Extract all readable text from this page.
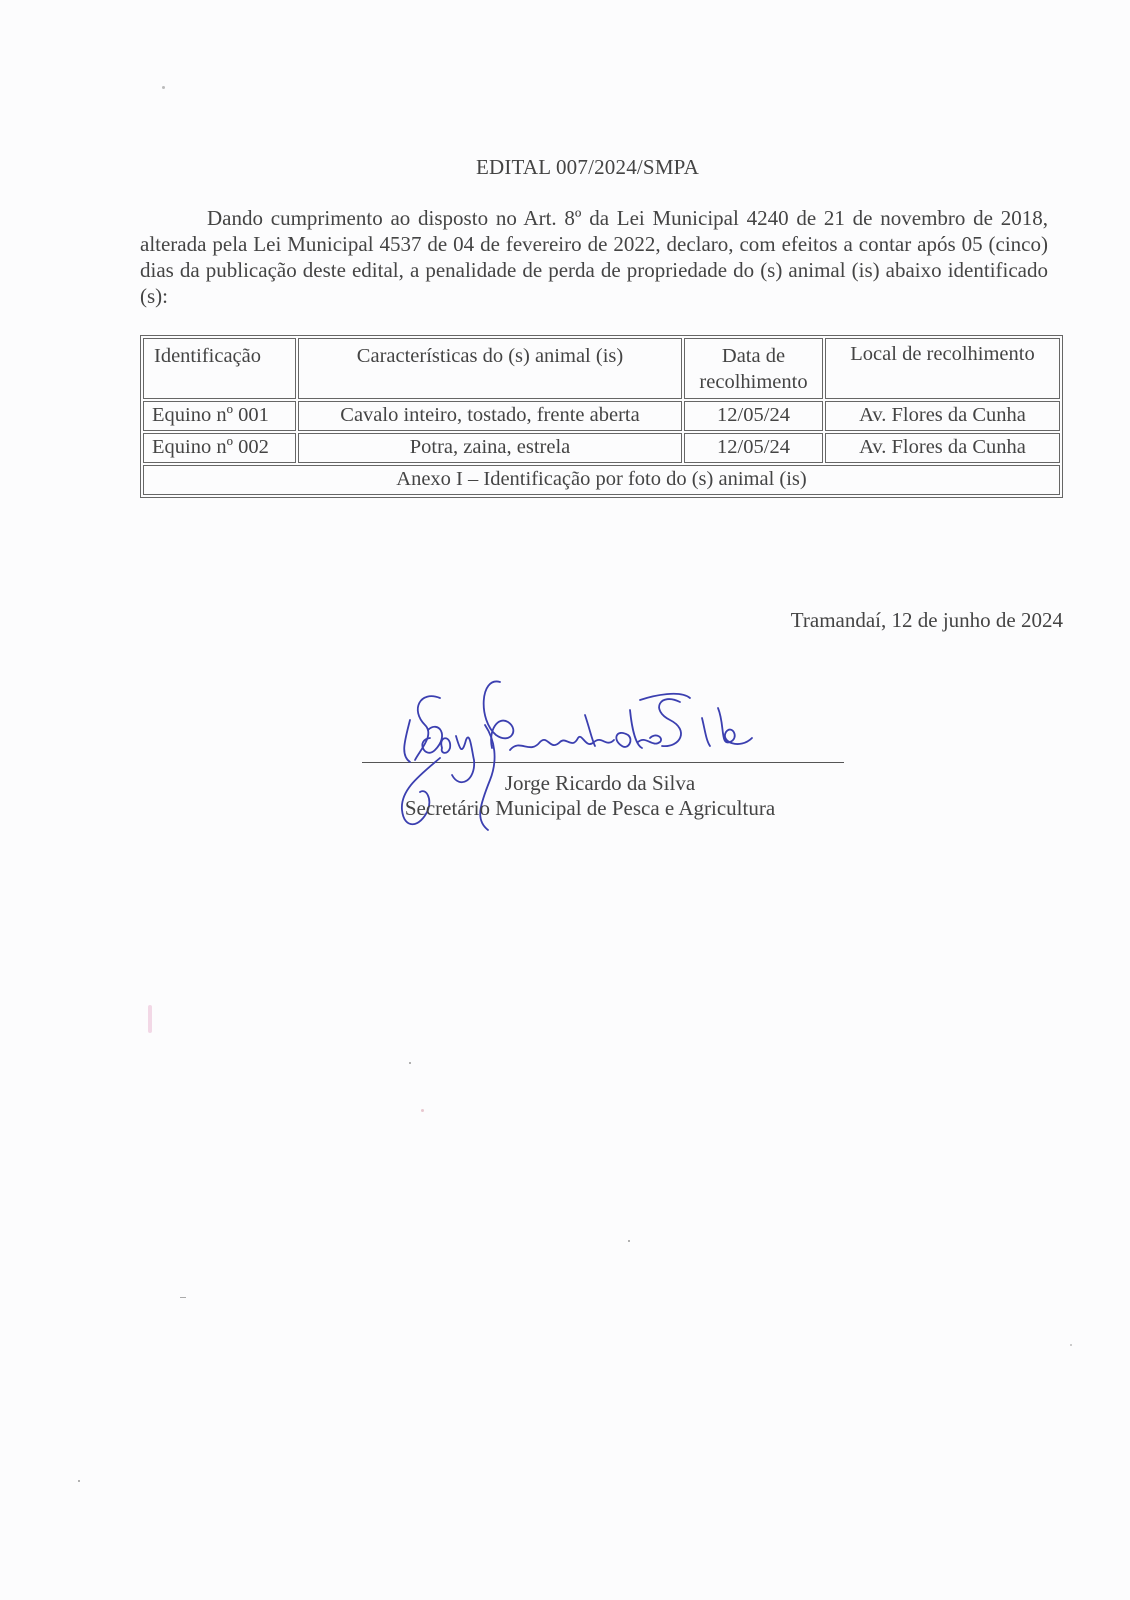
EDITAL 007/2024/SMPA

Dando cumprimento ao disposto no Art. 8º da Lei Municipal 4240 de 21 de novembro de 2018, alterada pela Lei Municipal 4537 de 04 de fevereiro de 2022, declaro, com efeitos a contar após 05 (cinco) dias da publicação deste edital, a penalidade de perda de propriedade do (s) animal (is) abaixo identificado (s):

Identificação	Características do (s) animal (is)	Data de recolhimento	Local de recolhimento
Equino nº 001	Cavalo inteiro, tostado, frente aberta	12/05/24	Av. Flores da Cunha
Equino nº 002	Potra, zaina, estrela	12/05/24	Av. Flores da Cunha
Anexo I – Identificação por foto do (s) animal (is)			
Tramandaí, 12 de junho de 2024
Jorge Ricardo da Silva
Secretário Municipal de Pesca e Agricultura
